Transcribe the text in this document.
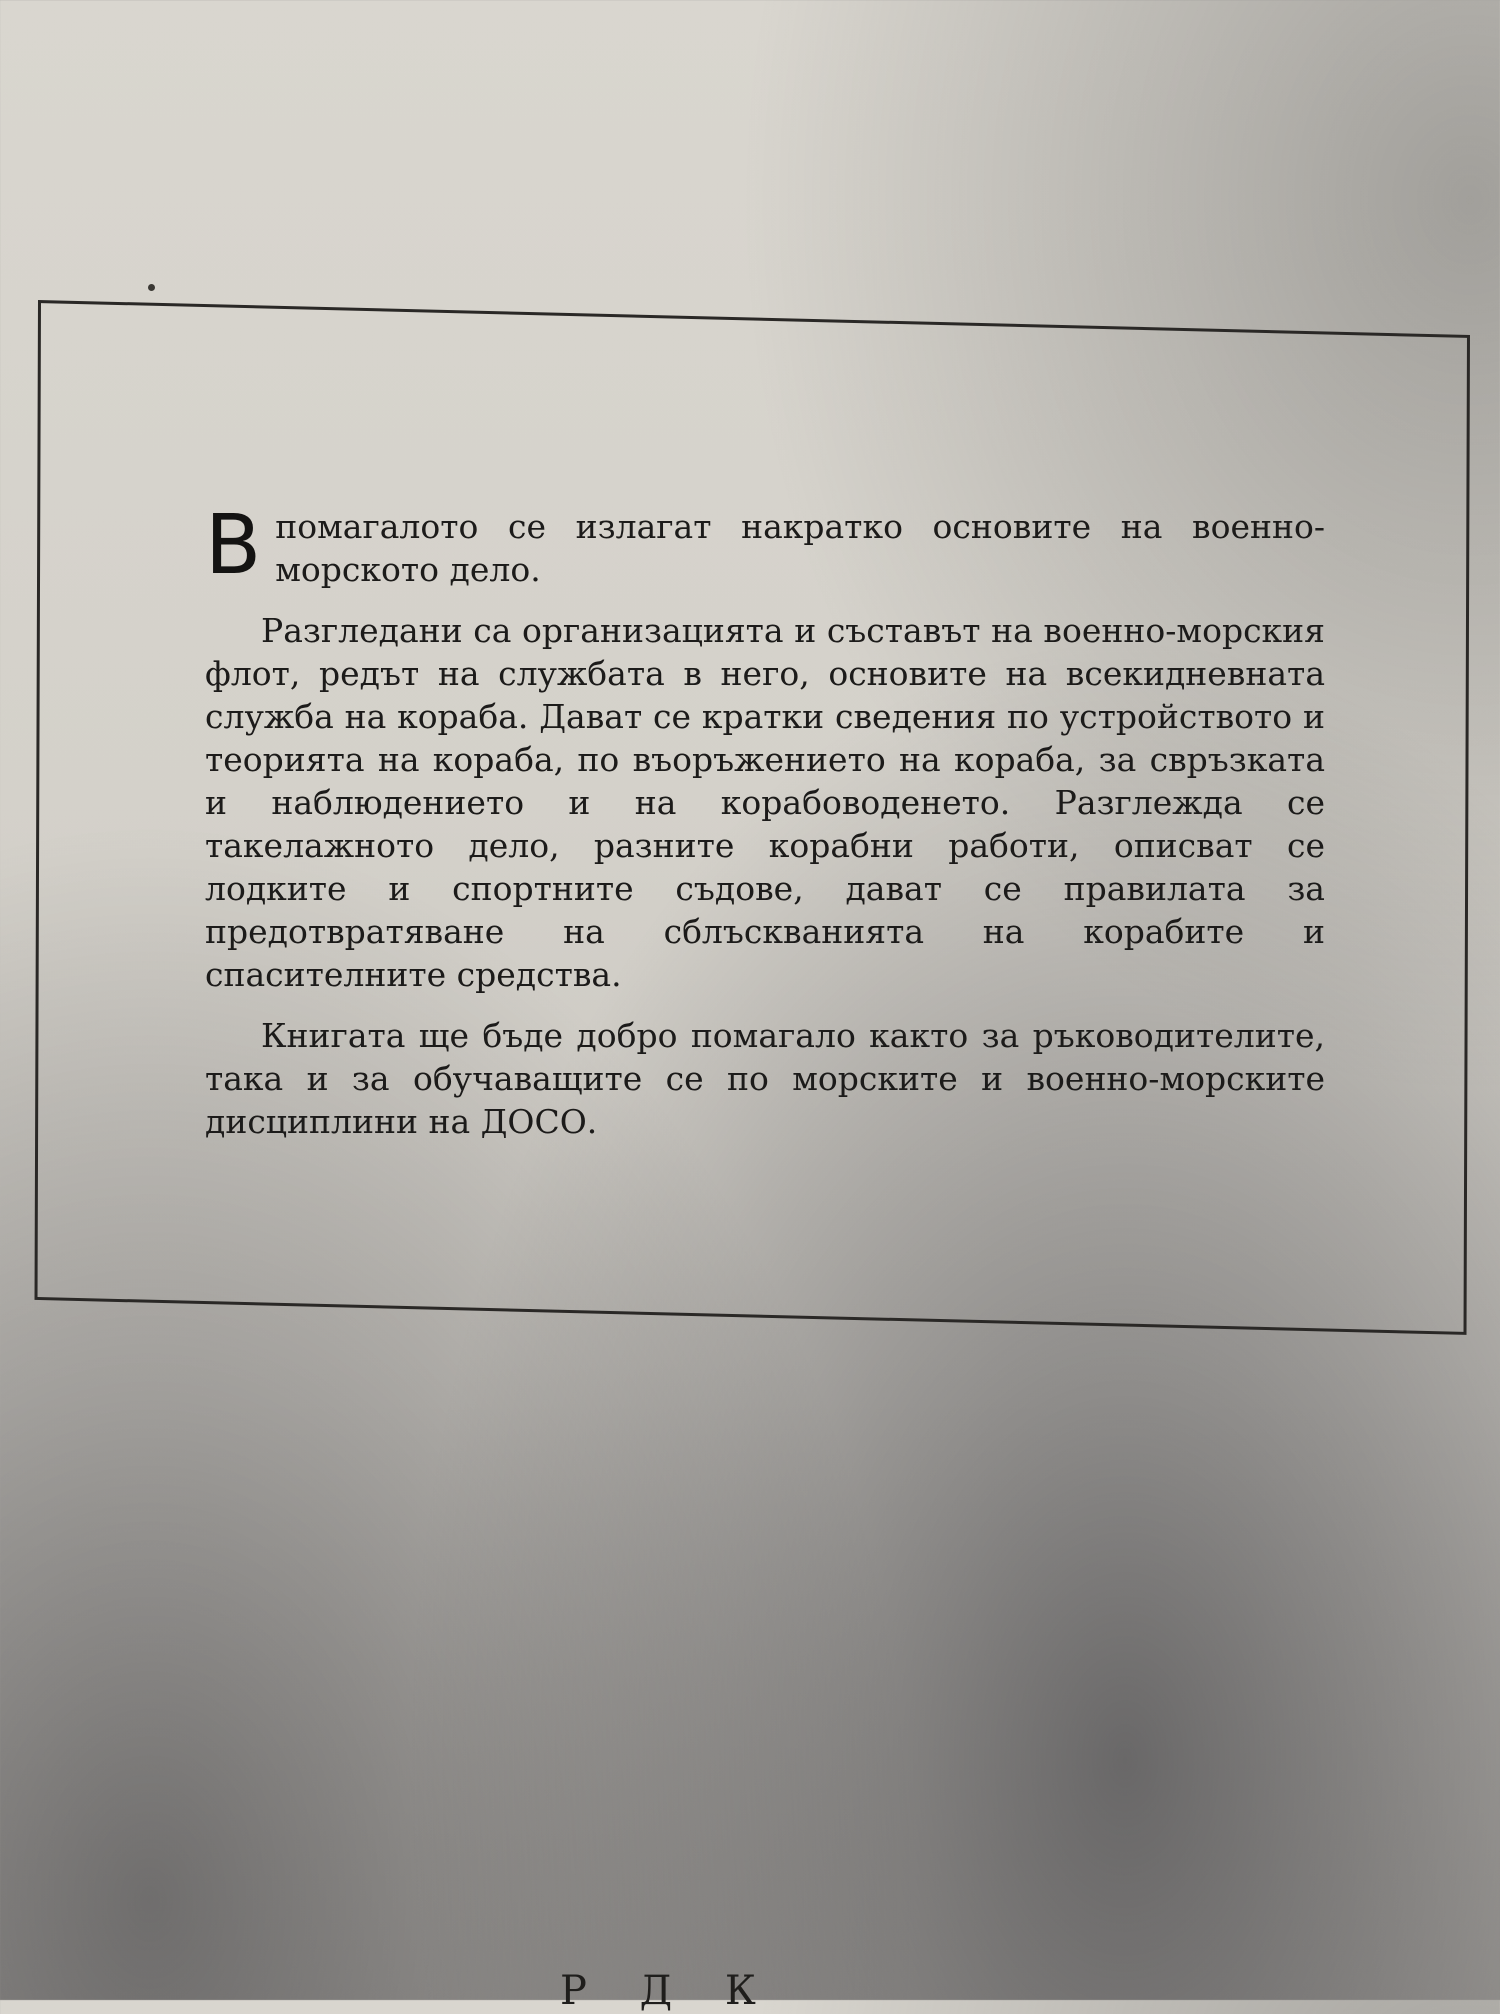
В помагалото се излагат накратко основите на военно-морското дело.

Разгледани са организацията и съставът на военно-морския флот, редът на службата в него, основите на всекидневната служба на кораба. Дават се кратки сведения по устройството и теорията на кораба, по въоръжението на кораба, за свръзката и наблюдението и на корабоводенето. Разглежда се такелажното дело, разните корабни работи, описват се лодките и спортните съдове, дават се правилата за предотвратяване на сблъскванията на корабите и спасителните средства.

Книгата ще бъде добро помагало както за ръководителите, така и за обучаващите се по морските и военно-морските дисциплини на ДОСО.

Р Д К
